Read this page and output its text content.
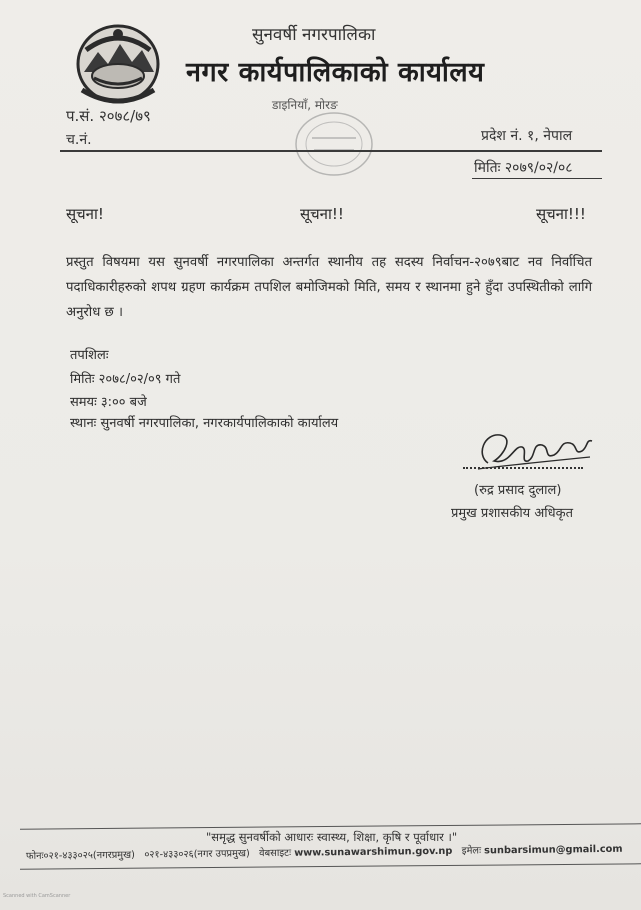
सुनवर्षी नगरपालिका
नगर कार्यपालिकाको कार्यालय
डाइनियाँ, मोरङ
प.सं. २०७८/७९
च.नं.	प्रदेश नं. १, नेपाल
मितिः २०७९/०२/०८
सूचना!	सूचना!!	सूचना!!!
प्रस्तुत विषयमा यस सुनवर्षी नगरपालिका अन्तर्गत स्थानीय तह सदस्य निर्वाचन-२०७९बाट नव निर्वाचित पदाधिकारीहरुको शपथ ग्रहण कार्यक्रम तपशिल बमोजिमको मिति, समय र स्थानमा हुने हुँदा उपस्थितीको लागि अनुरोध छ ।
तपशिलः
मितिः २०७८/०२/०९ गते
समयः ३:०० बजे
स्थानः सुनवर्षी नगरपालिका, नगरकार्यपालिकाको कार्यालय
(रुद्र प्रसाद दुलाल)
प्रमुख प्रशासकीय अधिकृत
"समृद्ध सुनवर्षीको आधारः स्वास्थ्य, शिक्षा, कृषि र पूर्वाधार ।"
फोनः०२१-४३३०२५(नगरप्रमुख) ०२१-४३३०२६(नगर उपप्रमुख) वेबसाइटः www.sunawarshimun.gov.np इमेलः sunbarsimun@gmail.com
Scanned with CamScanner
